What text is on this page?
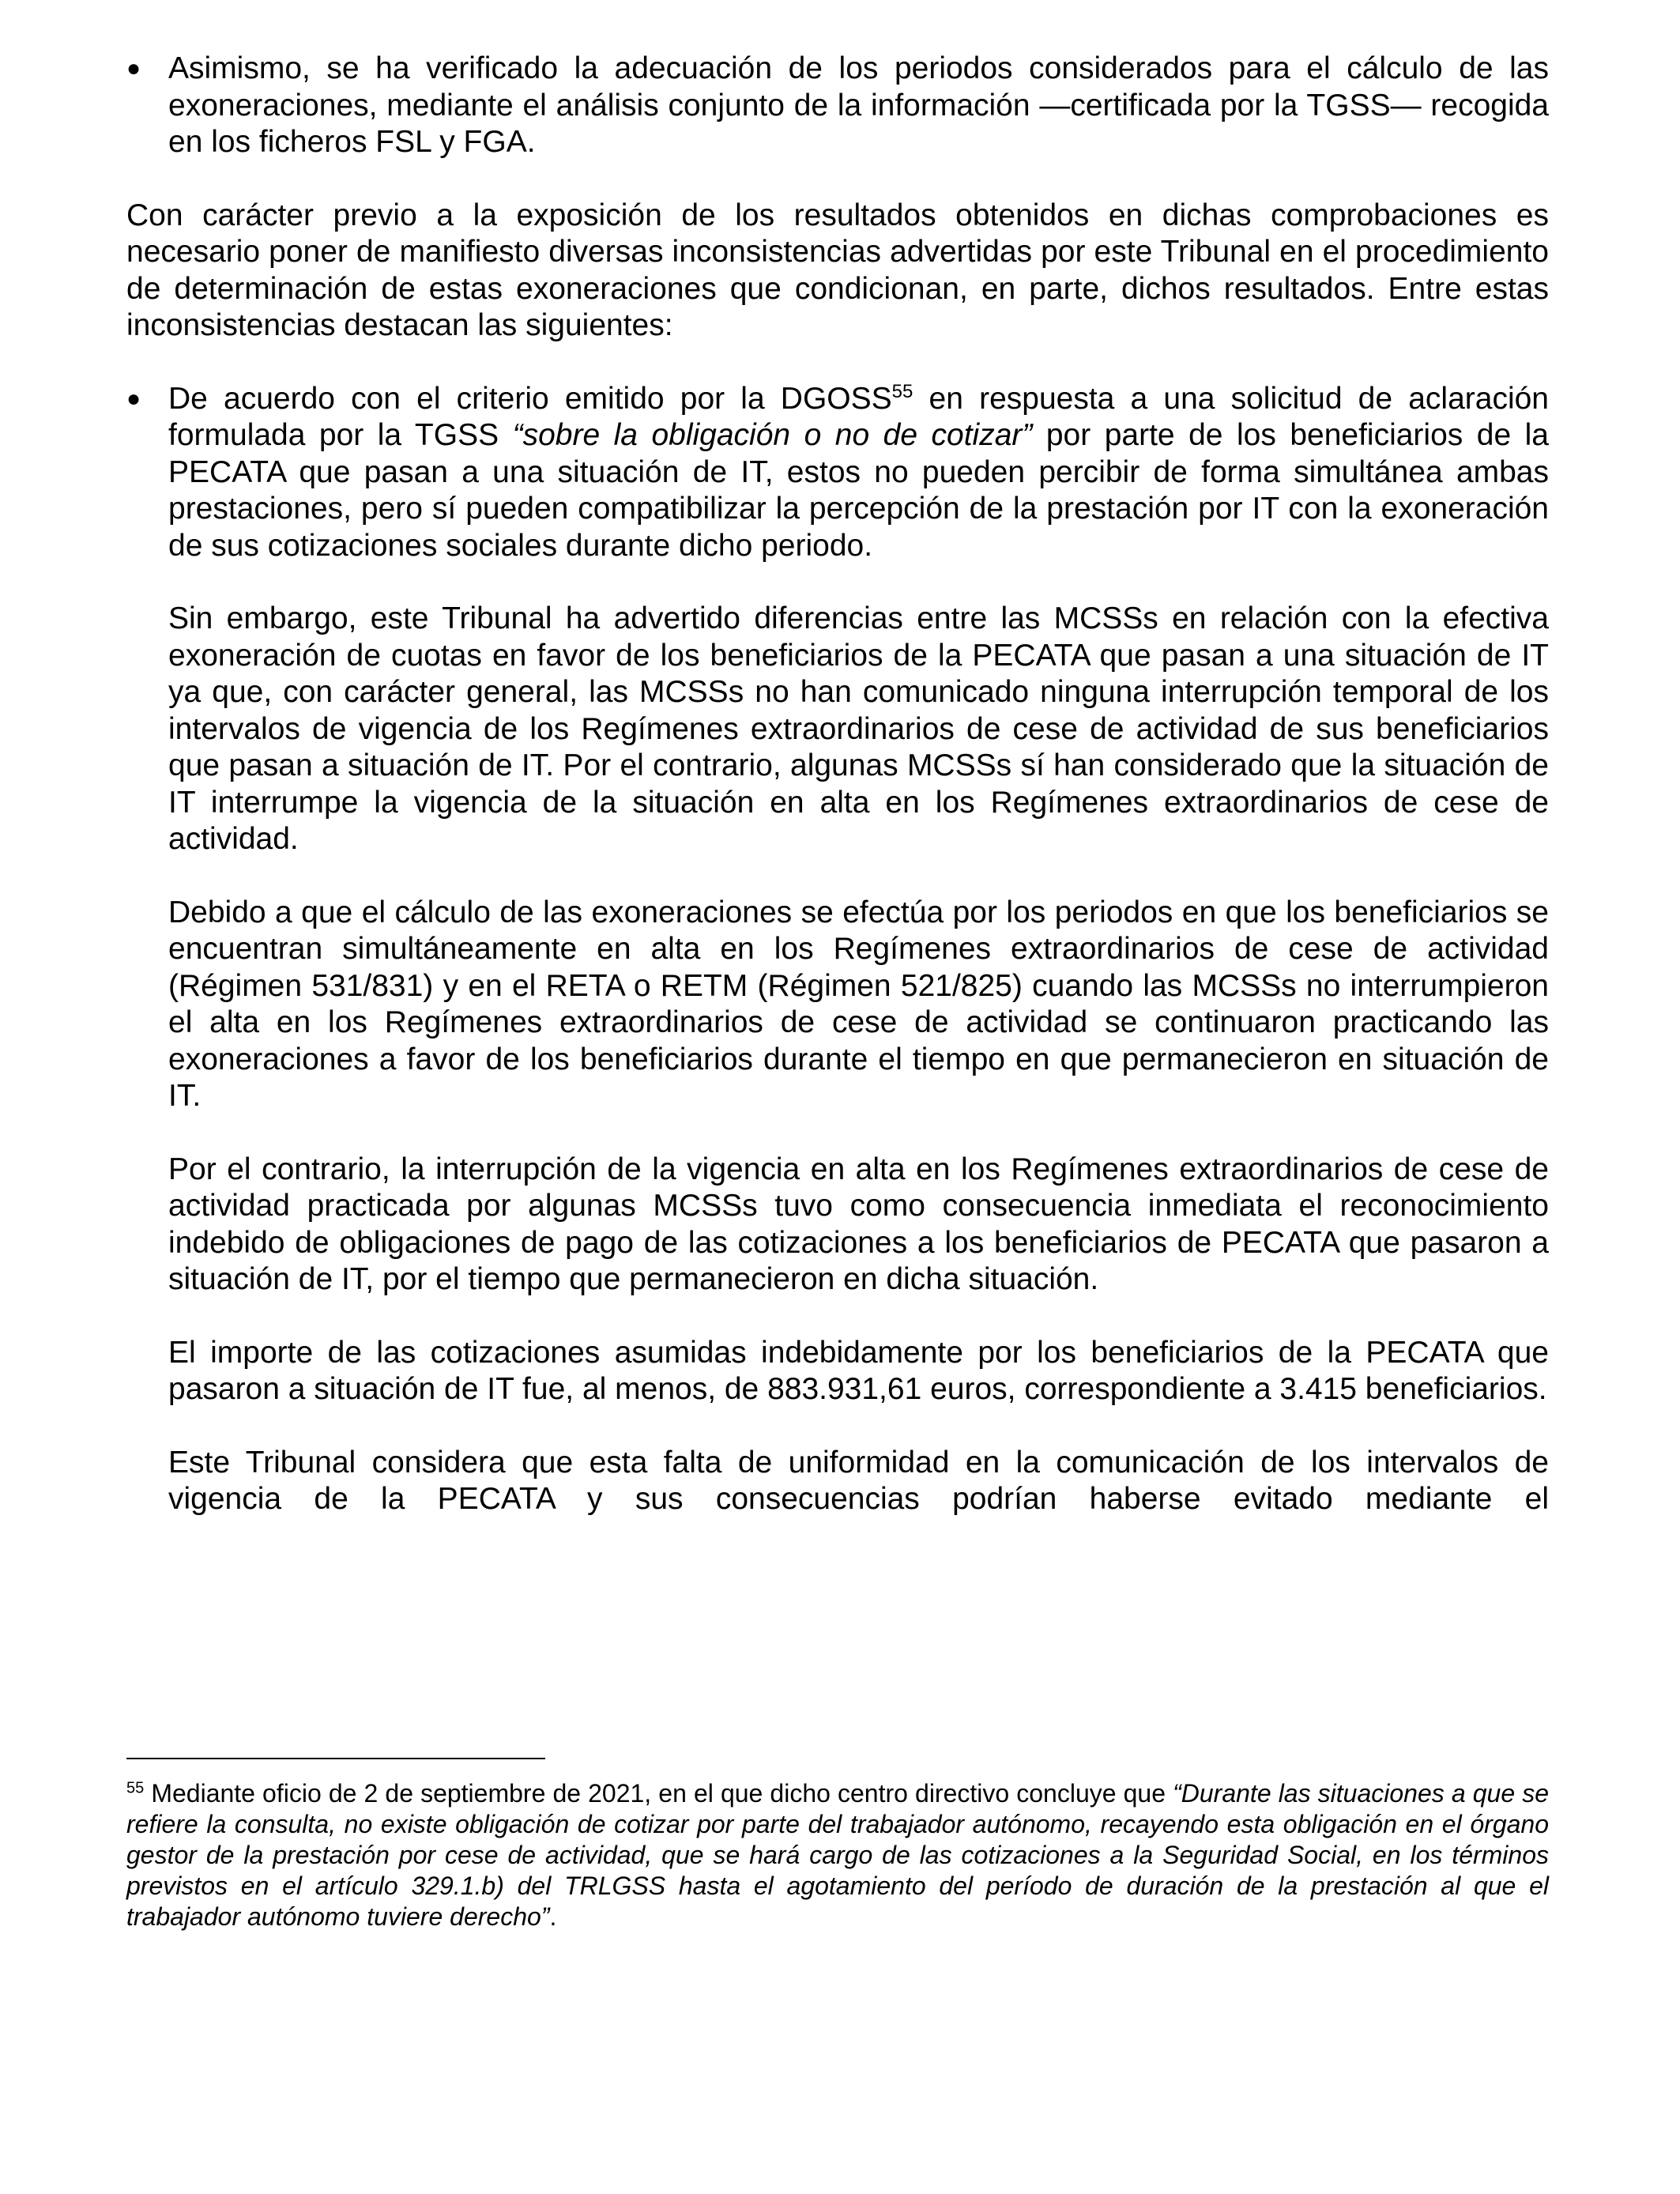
● Asimismo, se ha verificado la adecuación de los periodos considerados para el cálculo de las exoneraciones, mediante el análisis conjunto de la información —certificada por la TGSS— recogida en los ficheros FSL y FGA.

Con carácter previo a la exposición de los resultados obtenidos en dichas comprobaciones es necesario poner de manifiesto diversas inconsistencias advertidas por este Tribunal en el procedimiento de determinación de estas exoneraciones que condicionan, en parte, dichos resultados. Entre estas inconsistencias destacan las siguientes:

● De acuerdo con el criterio emitido por la DGOSS$^{55}$ en respuesta a una solicitud de aclaración formulada por la TGSS “sobre la obligación o no de cotizar” por parte de los beneficiarios de la PECATA que pasan a una situación de IT, estos no pueden percibir de forma simultánea ambas prestaciones, pero sí pueden compatibilizar la percepción de la prestación por IT con la exoneración de sus cotizaciones sociales durante dicho periodo.

Sin embargo, este Tribunal ha advertido diferencias entre las MCSSs en relación con la efectiva exoneración de cuotas en favor de los beneficiarios de la PECATA que pasan a una situación de IT ya que, con carácter general, las MCSSs no han comunicado ninguna interrupción temporal de los intervalos de vigencia de los Regímenes extraordinarios de cese de actividad de sus beneficiarios que pasan a situación de IT. Por el contrario, algunas MCSSs sí han considerado que la situación de IT interrumpe la vigencia de la situación en alta en los Regímenes extraordinarios de cese de actividad.

Debido a que el cálculo de las exoneraciones se efectúa por los periodos en que los beneficiarios se encuentran simultáneamente en alta en los Regímenes extraordinarios de cese de actividad (Régimen 531/831) y en el RETA o RETM (Régimen 521/825) cuando las MCSSs no interrumpieron el alta en los Regímenes extraordinarios de cese de actividad se continuaron practicando las exoneraciones a favor de los beneficiarios durante el tiempo en que permanecieron en situación de IT.

Por el contrario, la interrupción de la vigencia en alta en los Regímenes extraordinarios de cese de actividad practicada por algunas MCSSs tuvo como consecuencia inmediata el reconocimiento indebido de obligaciones de pago de las cotizaciones a los beneficiarios de PECATA que pasaron a situación de IT, por el tiempo que permanecieron en dicha situación.

El importe de las cotizaciones asumidas indebidamente por los beneficiarios de la PECATA que pasaron a situación de IT fue, al menos, de 883.931,61 euros, correspondiente a 3.415 beneficiarios.

Este Tribunal considera que esta falta de uniformidad en la comunicación de los intervalos de vigencia de la PECATA y sus consecuencias podrían haberse evitado mediante el

$^{55}$ Mediante oficio de 2 de septiembre de 2021, en el que dicho centro directivo concluye que “Durante las situaciones a que se refiere la consulta, no existe obligación de cotizar por parte del trabajador autónomo, recayendo esta obligación en el órgano gestor de la prestación por cese de actividad, que se hará cargo de las cotizaciones a la Seguridad Social, en los términos previstos en el artículo 329.1.b) del TRLGSS hasta el agotamiento del período de duración de la prestación al que el trabajador autónomo tuviere derecho”.
